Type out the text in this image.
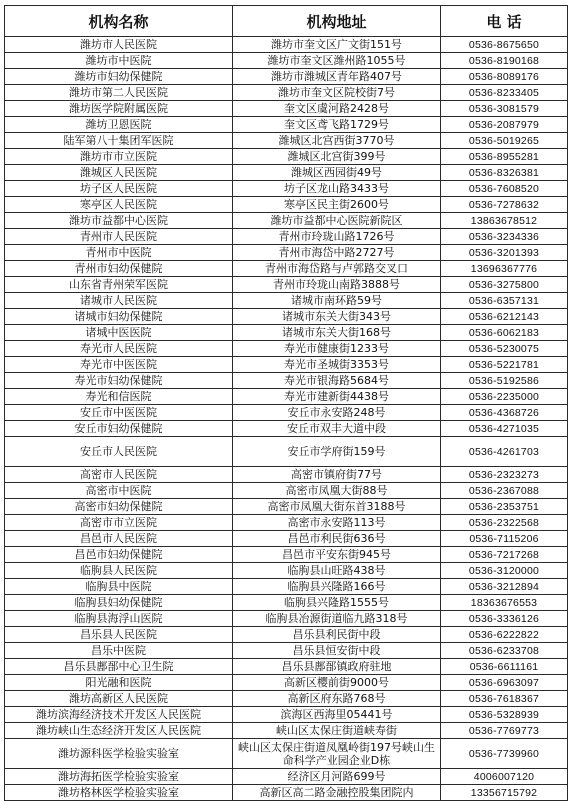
机构名称	机构地址	电 话
潍坊市人民医院	潍坊市奎文区广文街151号	0536-8675650
潍坊市中医院	潍坊市奎文区潍州路1055号	0536-8190168
潍坊市妇幼保健院	潍坊市潍城区青年路407号	0536-8089176
潍坊市第二人民医院	潍坊市奎文区院校街7号	0536-8233405
潍坊医学院附属医院	奎文区虞河路2428号	0536-3081579
潍坊卫恩医院	奎文区鸢飞路1729号	0536-2087979
陆军第八十集团军医院	潍城区北宫西街3770号	0536-5019265
潍坊市市立医院	潍城区北宫街399号	0536-8955281
潍城区人民医院	潍城区西园街49号	0536-8326381
坊子区人民医院	坊子区龙山路3433号	0536-7608520
寒亭区人民医院	寒亭区民主街2600号	0536-7278632
潍坊市益都中心医院	潍坊市益都中心医院新院区	13863678512
青州市人民医院	青州市玲珑山路1726号	0536-3234336
青州市中医院	青州市海岱中路2727号	0536-3201393
青州市妇幼保健院	青州市海岱路与卢郭路交叉口	13696367776
山东省青州荣军医院	青州市玲珑山南路3888号	0536-3275800
诸城市人民医院	诸城市南环路59号	0536-6357131
诸城市妇幼保健院	诸城市东关大街343号	0536-6212143
诸城中医医院	诸城市东关大街168号	0536-6062183
寿光市人民医院	寿光市健康街1233号	0536-5230075
寿光市中医医院	寿光市圣城街3353号	0536-5221781
寿光市妇幼保健院	寿光市银海路5684号	0536-5192586
寿光和信医院	寿光市建新街4438号	0536-2235000
安丘市中医医院	安丘市永安路248号	0536-4368726
安丘市妇幼保健院	安丘市双丰大道中段	0536-4271035
安丘市人民医院	安丘市学府街159号	0536-4261703
高密市人民医院	高密市镇府街77号	0536-2323273
高密市中医院	高密市凤凰大街88号	0536-2367088
高密市妇幼保健院	高密市凤凰大街东首3188号	0536-2353751
高密市市立医院	高密市永安路113号	0536-2322568
昌邑市人民医院	昌邑市利民街636号	0536-7115206
昌邑市妇幼保健院	昌邑市平安东街945号	0536-7217268
临朐县人民医院	临朐县山旺路438号	0536-3120000
临朐县中医院	临朐县兴隆路166号	0536-3212894
临朐县妇幼保健院	临朐县兴隆路1555号	18363676553
临朐县海浮山医院	临朐县冶源街道临九路318号	0536-3336126
昌乐县人民医院	昌乐县利民街中段	0536-6222822
昌乐中医院	昌乐县恒安街中段	0536-6233708
昌乐县鄌郚中心卫生院	昌乐县鄌郚镇政府驻地	0536-6611161
阳光融和医院	高新区樱前街9000号	0536-6963097
潍坊高新区人民医院	高新区府东路768号	0536-7618367
潍坊滨海经济技术开发区人民医院	滨海区西海里05441号	0536-5328939
潍坊峡山生态经济开发区人民医院	峡山区太保庄街道峡寿街	0536-7769773
潍坊源科医学检验实验室	峡山区太保庄街道凤凰岭街197号峡山生命科学产业园企业D栋	0536-7739960
潍坊海拓医学检验实验室	经济区月河路699号	4006007120
潍坊格林医学检验实验室	高新区高二路金融控股集团院内	13356715792
